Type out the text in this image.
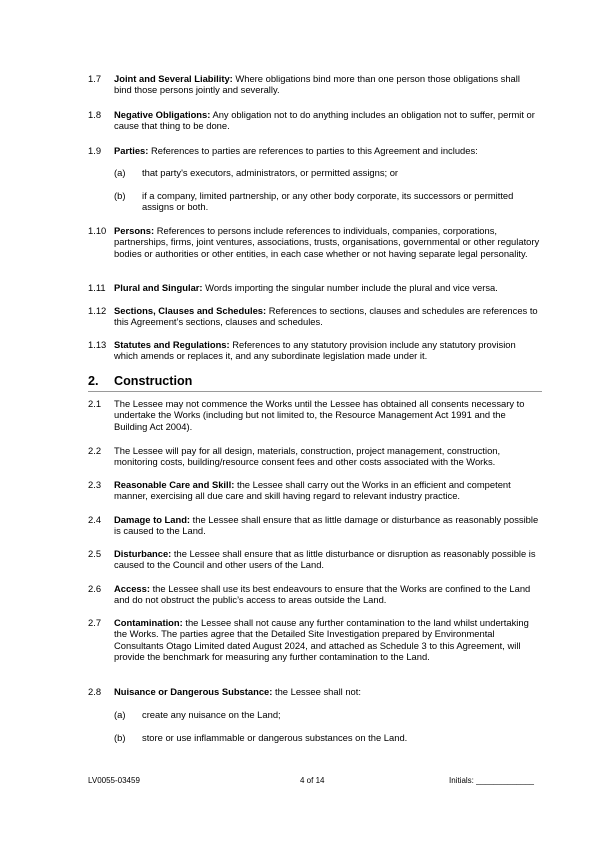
1.7 Joint and Several Liability: Where obligations bind more than one person those obligations shall bind those persons jointly and severally.
1.8 Negative Obligations: Any obligation not to do anything includes an obligation not to suffer, permit or cause that thing to be done.
1.9 Parties: References to parties are references to parties to this Agreement and includes:
(a) that party's executors, administrators, or permitted assigns; or
(b) if a company, limited partnership, or any other body corporate, its successors or permitted assigns or both.
1.10 Persons: References to persons include references to individuals, companies, corporations, partnerships, firms, joint ventures, associations, trusts, organisations, governmental or other regulatory bodies or authorities or other entities, in each case whether or not having separate legal personality.
1.11 Plural and Singular: Words importing the singular number include the plural and vice versa.
1.12 Sections, Clauses and Schedules: References to sections, clauses and schedules are references to this Agreement’s sections, clauses and schedules.
1.13 Statutes and Regulations: References to any statutory provision include any statutory provision which amends or replaces it, and any subordinate legislation made under it.
2. Construction
2.1 The Lessee may not commence the Works until the Lessee has obtained all consents necessary to undertake the Works (including but not limited to, the Resource Management Act 1991 and the Building Act 2004).
2.2 The Lessee will pay for all design, materials, construction, project management, construction, monitoring costs, building/resource consent fees and other costs associated with the Works.
2.3 Reasonable Care and Skill: the Lessee shall carry out the Works in an efficient and competent manner, exercising all due care and skill having regard to relevant industry practice.
2.4 Damage to Land: the Lessee shall ensure that as little damage or disturbance as reasonably possible is caused to the Land.
2.5 Disturbance: the Lessee shall ensure that as little disturbance or disruption as reasonably possible is caused to the Council and other users of the Land.
2.6 Access: the Lessee shall use its best endeavours to ensure that the Works are confined to the Land and do not obstruct the public’s access to areas outside the Land.
2.7 Contamination: the Lessee shall not cause any further contamination to the land whilst undertaking the Works. The parties agree that the Detailed Site Investigation prepared by Environmental Consultants Otago Limited dated August 2024, and attached as Schedule 3 to this Agreement, will provide the benchmark for measuring any further contamination to the Land.
2.8 Nuisance or Dangerous Substance: the Lessee shall not:
(a) create any nuisance on the Land;
(b) store or use inflammable or dangerous substances on the Land.
LV0055-03459	4 of 14	Initials: _____________
